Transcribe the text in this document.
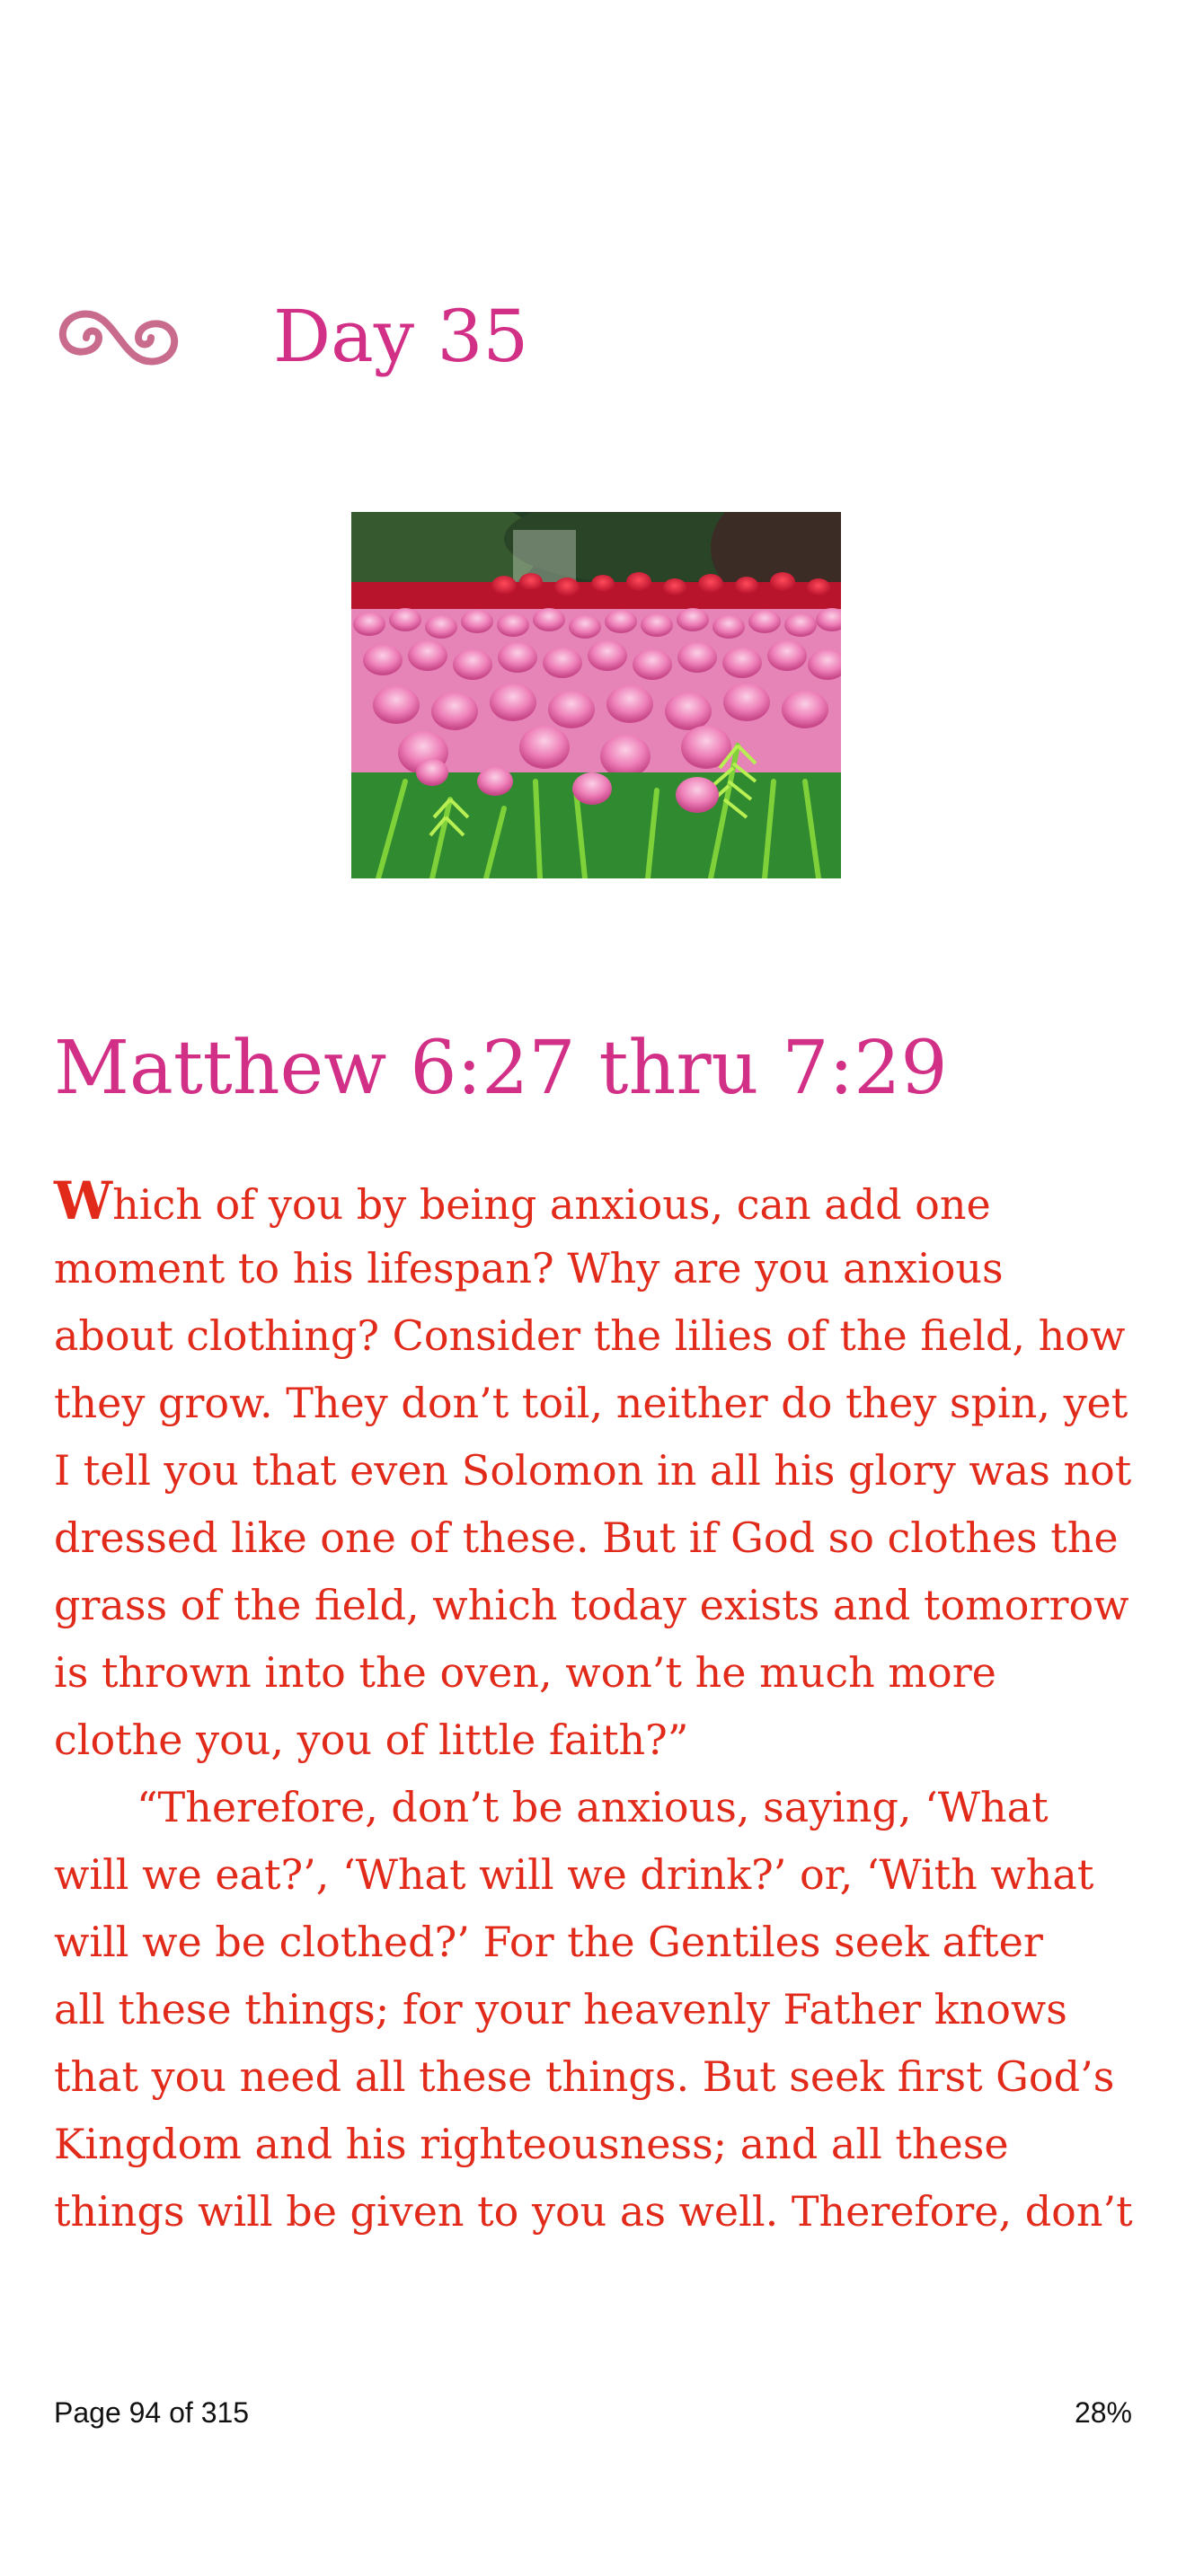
Day 35
Matthew 6:27 thru 7:29
Which of you by being anxious, can add one
moment to his lifespan? Why are you anxious
about clothing? Consider the lilies of the field, how
they grow. They don’t toil, neither do they spin, yet
I tell you that even Solomon in all his glory was not
dressed like one of these. But if God so clothes the
grass of the field, which today exists and tomorrow
is thrown into the oven, won’t he much more
clothe you, you of little faith?”
“Therefore, don’t be anxious, saying, ‘What
will we eat?’, ‘What will we drink?’ or, ‘With what
will we be clothed?’ For the Gentiles seek after
all these things; for your heavenly Father knows
that you need all these things. But seek first God’s
Kingdom and his righteousness; and all these
things will be given to you as well. Therefore, don’t
Page 94 of 315	28%
